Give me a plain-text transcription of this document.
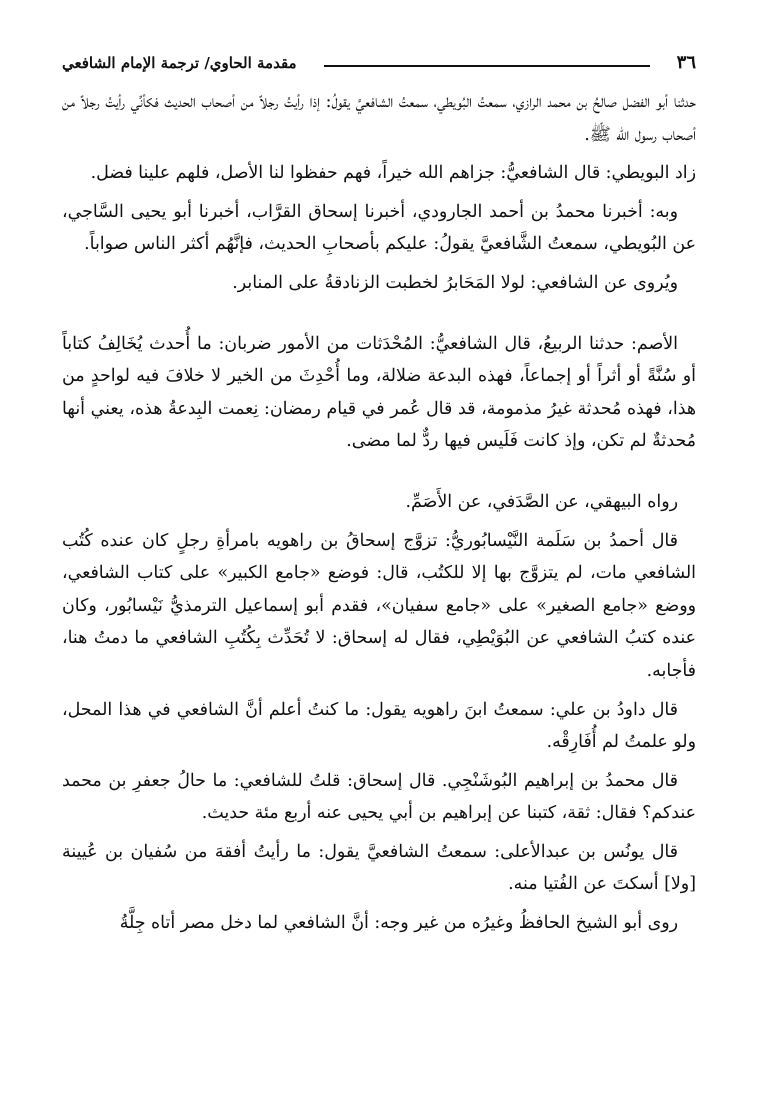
٣٦
مقدمة الحاوي/ ترجمة الإمام الشافعي

حدثنا أبو الفضل صالحُ بن محمد الرازي، سمعتُ البُويطي، سمعتُ الشافعيَّ يقولُ: إذا رأيتُ رجلاً من أصحاب الحديث فكأنِّي رأيتُ رجلاً من أصحاب رسول الله ﷺ.

زاد البويطي: قال الشافعيُّ: جزاهم الله خيراً، فهم حفظوا لنا الأصل، فلهم علينا فضل.

وبه: أخبرنا محمدُ بن أحمد الجارودي، أخبرنا إسحاق القرَّاب، أخبرنا أبو يحيى السَّاجي، عن البُويطي، سمعتُ الشَّافعيَّ يقولُ: عليكم بأصحابِ الحديث، فإنَّهُم أكثر الناس صواباً.

ويُروى عن الشافعي: لولا المَحَابرُ لخطبت الزنادقةُ على المنابر.

الأصم: حدثنا الربيعُ، قال الشافعيُّ: المُحْدَثات من الأمور ضربان: ما أُحدث يُخَالِفُ كتاباً أو سُنَّةً أو أثراً أو إجماعاً، فهذه البدعة ضلالة، وما أُحْدِثَ من الخير لا خلافَ فيه لواحدٍ من هذا، فهذه مُحدثة غيرُ مذمومة، قد قال عُمر في قيام رمضان: نِعمت البِدعةُ هذه، يعني أنها مُحدثةٌ لم تكن، وإذ كانت فَلَيس فيها ردٌّ لما مضى.

رواه البيهقي، عن الصَّدَفي، عن الأَصَمِّ.

قال أحمدُ بن سَلَمة النَّيْسابُوريُّ: تزوَّج إسحاقُ بن راهويه بامرأةِ رجلٍ كان عنده كُتُب الشافعي مات، لم يتزوَّج بها إلا للكتُب، قال: فوضع «جامع الكبير» على كتاب الشافعي، ووضع «جامع الصغير» على «جامع سفيان»، فقدم أبو إسماعيل الترمذيُّ نَيْسابُور، وكان عنده كتبُ الشافعي عن البُوَيْطِي، فقال له إسحاق: لا تُحَدِّث بِكُتُبِ الشافعي ما دمتُ هنا، فأجابه.

قال داودُ بن علي: سمعتُ ابنَ راهويه يقول: ما كنتُ أعلم أنَّ الشافعي في هذا المحل، ولو علمتُ لم أُفَارِقْه.

قال محمدُ بن إبراهيم البُوشَنْجِي. قال إسحاق: قلتُ للشافعي: ما حالُ جعفرِ بن محمد عندكم؟ فقال: ثقة، كتبنا عن إبراهيم بن أبي يحيى عنه أربع مئة حديث.

قال يونُس بن عبدالأعلى: سمعتُ الشافعيَّ يقول: ما رأيتُ أفقهَ من سُفيان بن عُيينة [ولا] أسكتَ عن الفُتيا منه.

روى أبو الشيخ الحافظُ وغيرُه من غير وجه: أنَّ الشافعي لما دخل مصر أتاه جِلَّةُ
